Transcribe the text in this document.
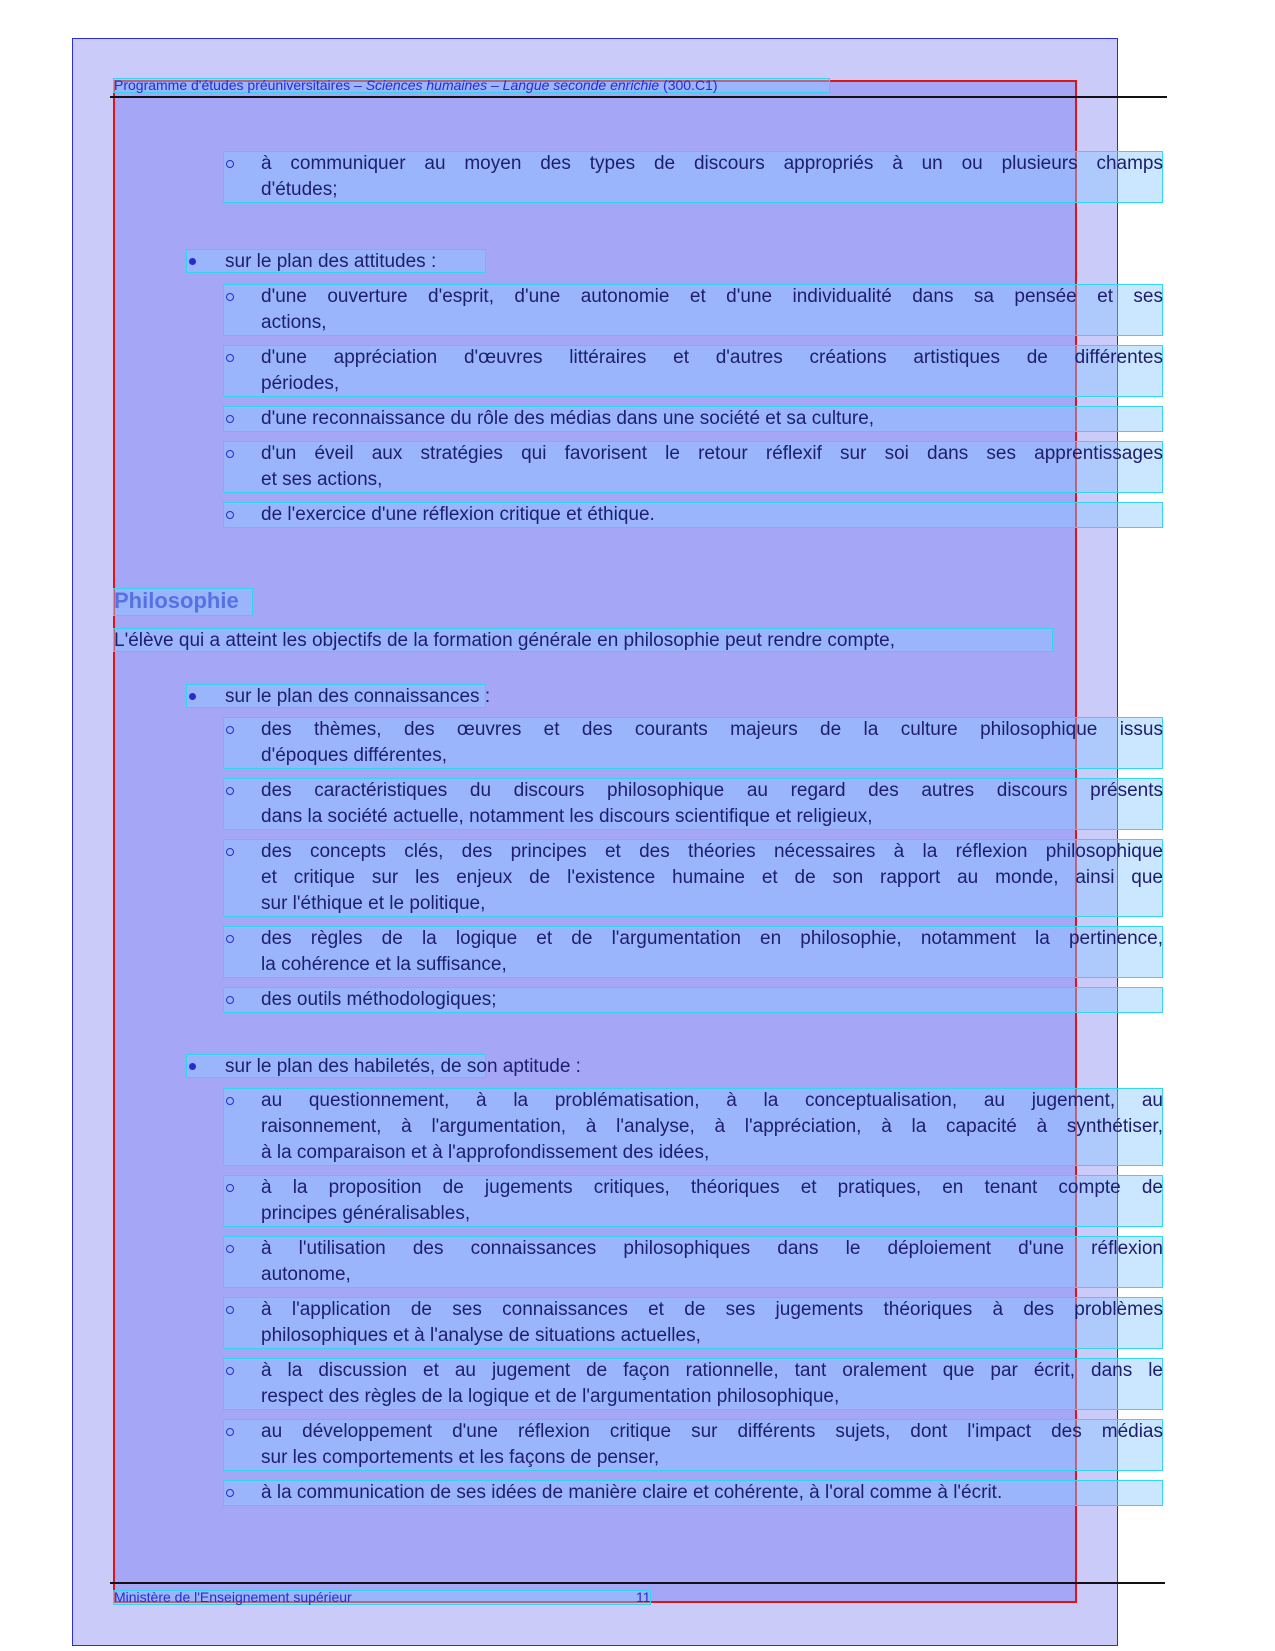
Programme d'études préuniversitaires – Sciences humaines – Langue seconde enrichie (300.C1)
Ministère de l'Enseignement supérieur	11
à communiquer au moyen des types de discours appropriés à un ou plusieurs champs
d'études;
sur le plan des attitudes :
d'une ouverture d'esprit, d'une autonomie et d'une individualité dans sa pensée et ses
actions,
d'une appréciation d'œuvres littéraires et d'autres créations artistiques de différentes
périodes,
d'une reconnaissance du rôle des médias dans une société et sa culture,
d'un éveil aux stratégies qui favorisent le retour réflexif sur soi dans ses apprentissages
et ses actions,
de l'exercice d'une réflexion critique et éthique.
Philosophie
L'élève qui a atteint les objectifs de la formation générale en philosophie peut rendre compte,
sur le plan des connaissances :
des thèmes, des œuvres et des courants majeurs de la culture philosophique issus
d'époques différentes,
des caractéristiques du discours philosophique au regard des autres discours présents
dans la société actuelle, notamment les discours scientifique et religieux,
des concepts clés, des principes et des théories nécessaires à la réflexion philosophique
et critique sur les enjeux de l'existence humaine et de son rapport au monde, ainsi que
sur l'éthique et le politique,
des règles de la logique et de l'argumentation en philosophie, notamment la pertinence,
la cohérence et la suffisance,
des outils méthodologiques;
sur le plan des habiletés, de son aptitude :
au questionnement, à la problématisation, à la conceptualisation, au jugement, au
raisonnement, à l'argumentation, à l'analyse, à l'appréciation, à la capacité à synthétiser,
à la comparaison et à l'approfondissement des idées,
à la proposition de jugements critiques, théoriques et pratiques, en tenant compte de
principes généralisables,
à l'utilisation des connaissances philosophiques dans le déploiement d'une réflexion
autonome,
à l'application de ses connaissances et de ses jugements théoriques à des problèmes
philosophiques et à l'analyse de situations actuelles,
à la discussion et au jugement de façon rationnelle, tant oralement que par écrit, dans le
respect des règles de la logique et de l'argumentation philosophique,
au développement d'une réflexion critique sur différents sujets, dont l'impact des médias
sur les comportements et les façons de penser,
à la communication de ses idées de manière claire et cohérente, à l'oral comme à l'écrit.
